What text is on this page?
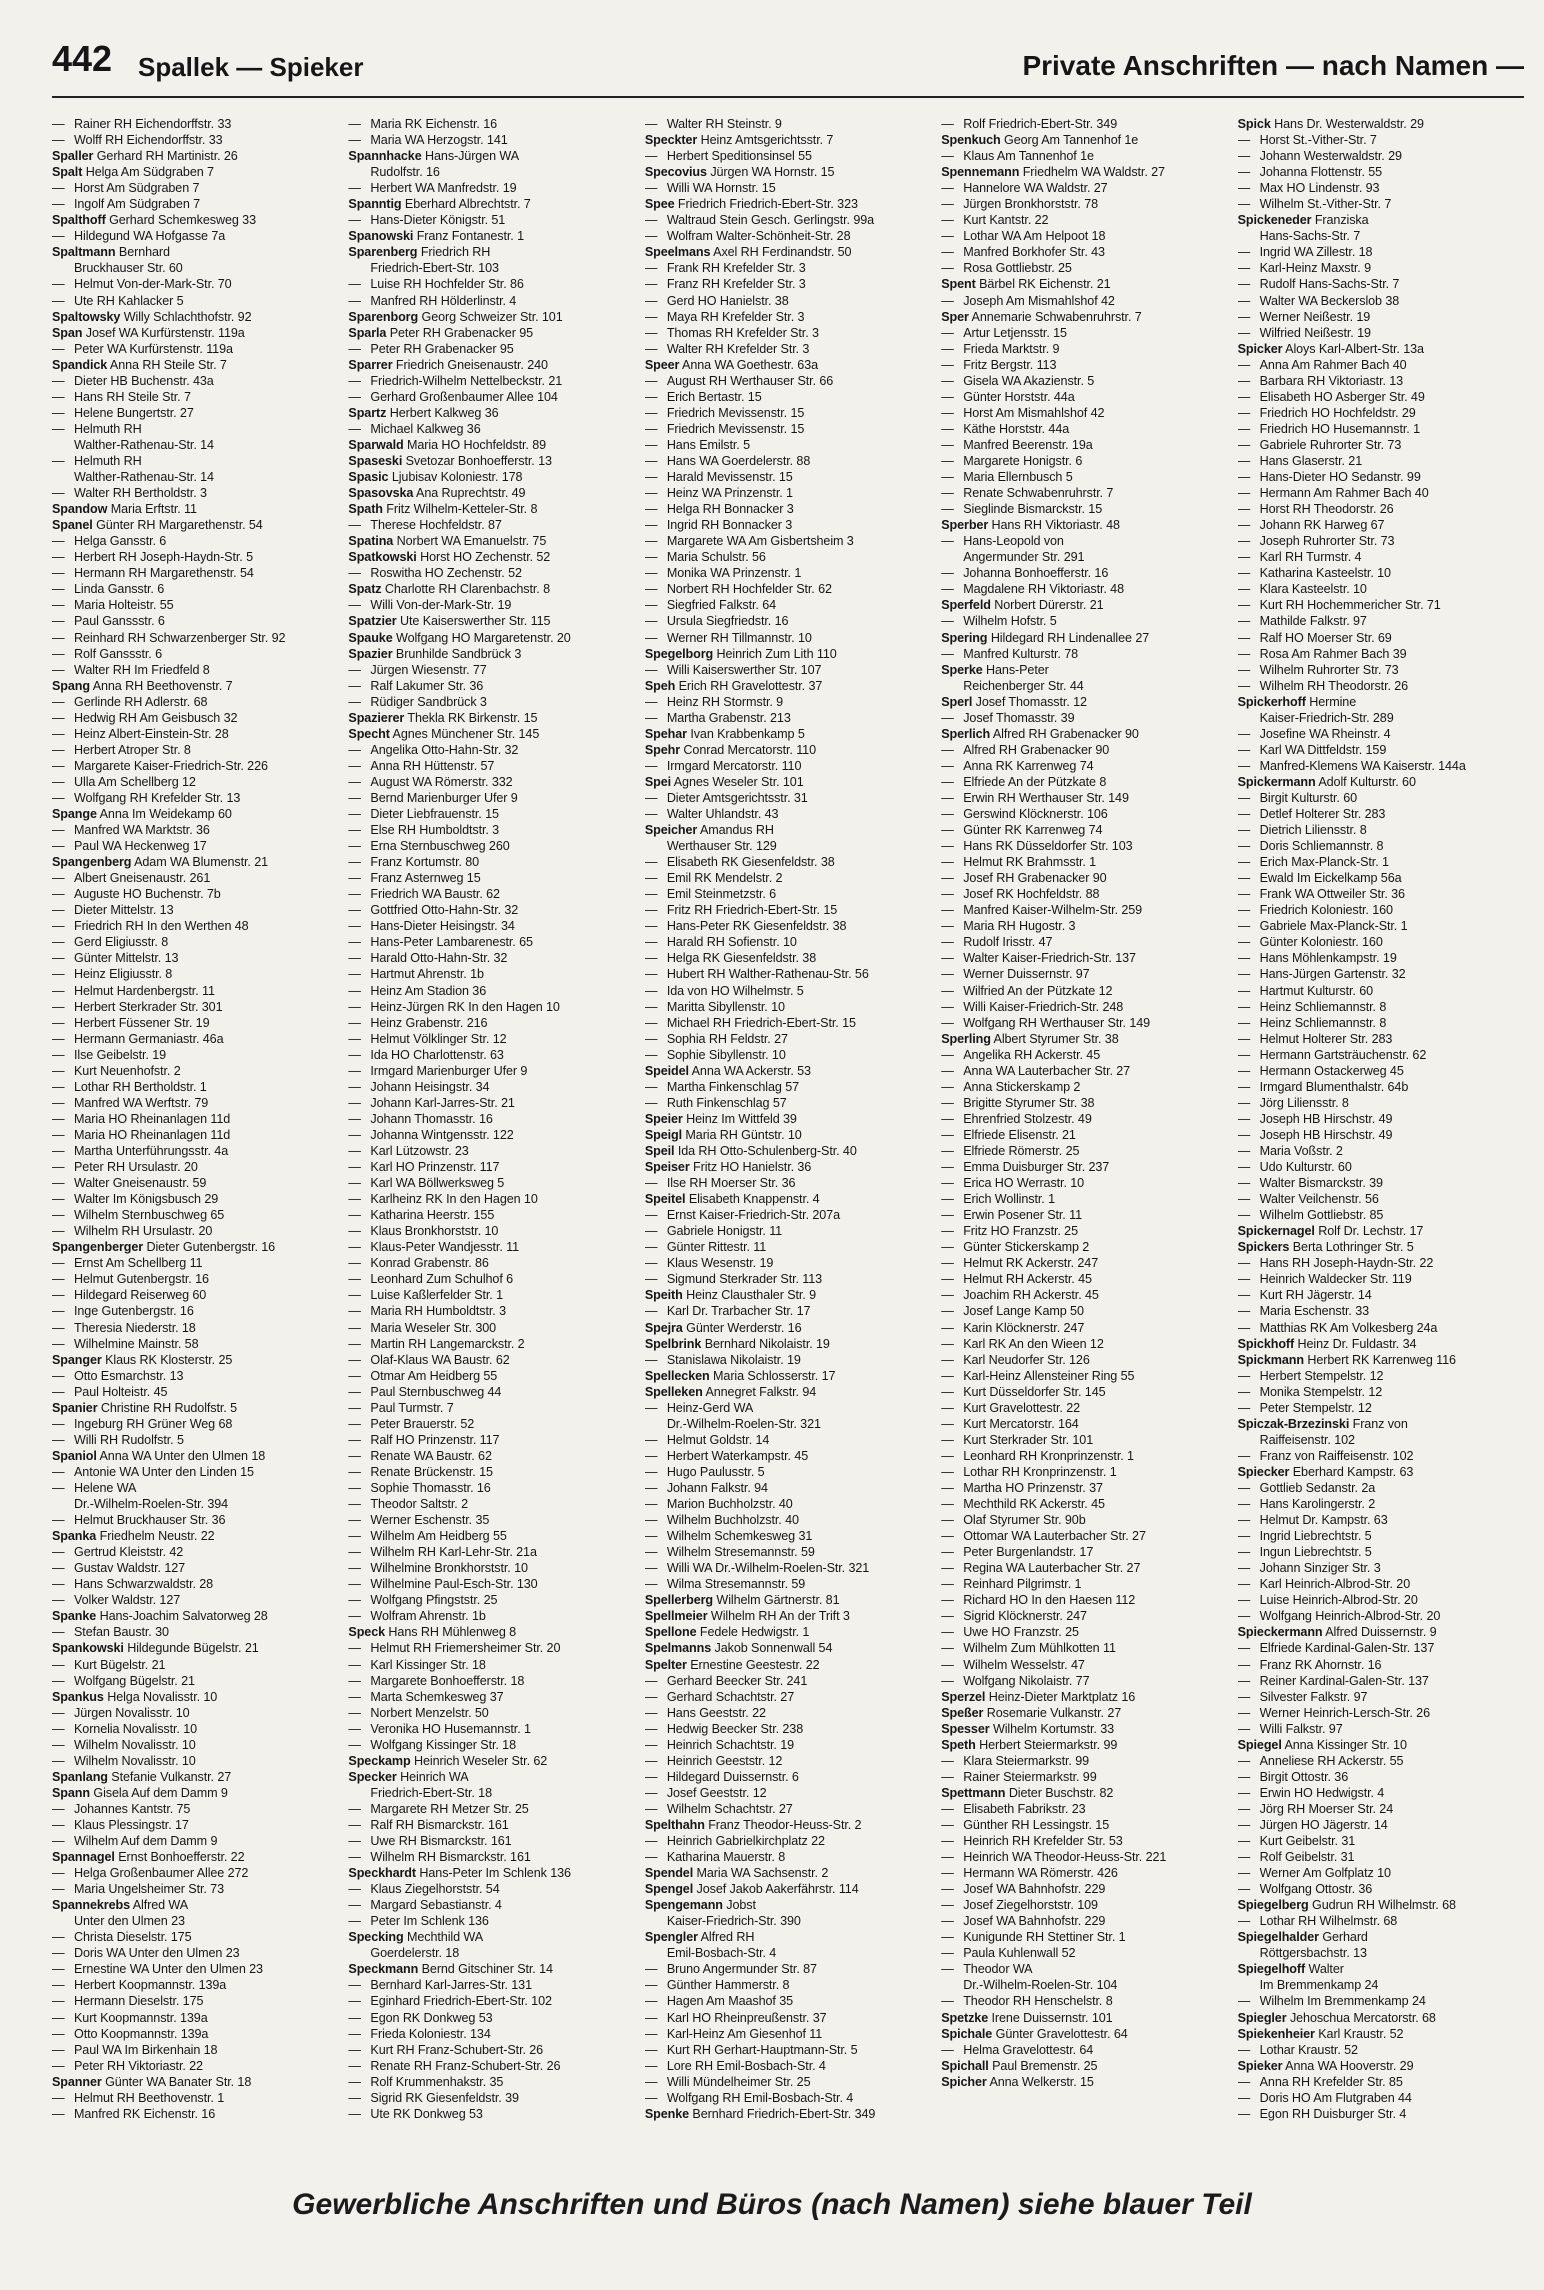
442 Spallek — Spieker	Private Anschriften — nach Namen —
— Rainer RH Eichendorffstr. 33
— Wolff RH Eichendorffstr. 33
Spaller Gerhard RH Martinistr. 26
Spalt Helga Am Südgraben 7
— Horst Am Südgraben 7
— Ingolf Am Südgraben 7
Spalthoff Gerhard Schemkesweg 33
— Hildegund WA Hofgasse 7a
Spaltmann Bernhard
Bruckhauser Str. 60
— Helmut Von-der-Mark-Str. 70
— Ute RH Kahlacker 5
Spaltowsky Willy Schlachthofstr. 92
Span Josef WA Kurfürstenstr. 119a
— Peter WA Kurfürstenstr. 119a
Spandick Anna RH Steile Str. 7
— Dieter HB Buchenstr. 43a
— Hans RH Steile Str. 7
— Helene Bungertstr. 27
— Helmuth RH
Walther-Rathenau-Str. 14
— Helmuth RH
Walther-Rathenau-Str. 14
— Walter RH Bertholdstr. 3
Spandow Maria Erftstr. 11
Spanel Günter RH Margarethenstr. 54
— Helga Gansstr. 6
— Herbert RH Joseph-Haydn-Str. 5
— Hermann RH Margarethenstr. 54
— Linda Gansstr. 6
— Maria Holteistr. 55
— Paul Ganssstr. 6
— Reinhard RH Schwarzenberger Str. 92
— Rolf Ganssstr. 6
— Walter RH Im Friedfeld 8
Spang Anna RH Beethovenstr. 7
— Gerlinde RH Adlerstr. 68
— Hedwig RH Am Geisbusch 32
— Heinz Albert-Einstein-Str. 28
— Herbert Atroper Str. 8
— Margarete Kaiser-Friedrich-Str. 226
— Ulla Am Schellberg 12
— Wolfgang RH Krefelder Str. 13
Spange Anna Im Weidekamp 60
— Manfred WA Marktstr. 36
— Paul WA Heckenweg 17
Spangenberg Adam WA Blumenstr. 21
— Albert Gneisenaustr. 261
— Auguste HO Buchenstr. 7b
— Dieter Mittelstr. 13
— Friedrich RH In den Werthen 48
— Gerd Eligiusstr. 8
— Günter Mittelstr. 13
— Heinz Eligiusstr. 8
— Helmut Hardenbergstr. 11
— Herbert Sterkrader Str. 301
— Herbert Füssener Str. 19
— Hermann Germaniastr. 46a
— Ilse Geibelstr. 19
— Kurt Neuenhofstr. 2
— Lothar RH Bertholdstr. 1
— Manfred WA Werftstr. 79
— Maria HO Rheinanlagen 11d
— Maria HO Rheinanlagen 11d
— Martha Unterführungsstr. 4a
— Peter RH Ursulastr. 20
— Walter Gneisenaustr. 59
— Walter Im Königsbusch 29
— Wilhelm Sternbuschweg 65
— Wilhelm RH Ursulastr. 20
Spangenberger Dieter Gutenbergstr. 16
— Ernst Am Schellberg 11
— Helmut Gutenbergstr. 16
— Hildegard Reiserweg 60
— Inge Gutenbergstr. 16
— Theresia Niederstr. 18
— Wilhelmine Mainstr. 58
Spanger Klaus RK Klosterstr. 25
— Otto Esmarchstr. 13
— Paul Holteistr. 45
Spanier Christine RH Rudolfstr. 5
— Ingeburg RH Grüner Weg 68
— Willi RH Rudolfstr. 5
Spaniol Anna WA Unter den Ulmen 18
— Antonie WA Unter den Linden 15
— Helene WA
Dr.-Wilhelm-Roelen-Str. 394
— Helmut Bruckhauser Str. 36
Spanka Friedhelm Neustr. 22
— Gertrud Kleiststr. 42
— Gustav Waldstr. 127
— Hans Schwarzwaldstr. 28
— Volker Waldstr. 127
Spanke Hans-Joachim Salvatorweg 28
— Stefan Baustr. 30
Spankowski Hildegunde Bügelstr. 21
— Kurt Bügelstr. 21
— Wolfgang Bügelstr. 21
Spankus Helga Novalisstr. 10
— Jürgen Novalisstr. 10
— Kornelia Novalisstr. 10
— Wilhelm Novalisstr. 10
— Wilhelm Novalisstr. 10
Spanlang Stefanie Vulkanstr. 27
Spann Gisela Auf dem Damm 9
— Johannes Kantstr. 75
— Klaus Plessingstr. 17
— Wilhelm Auf dem Damm 9
Spannagel Ernst Bonhoefferstr. 22
— Helga Großenbaumer Allee 272
— Maria Ungelsheimer Str. 73
Spannekrebs Alfred WA
Unter den Ulmen 23
— Christa Dieselstr. 175
— Doris WA Unter den Ulmen 23
— Ernestine WA Unter den Ulmen 23
— Herbert Koopmannstr. 139a
— Hermann Dieselstr. 175
— Kurt Koopmannstr. 139a
— Otto Koopmannstr. 139a
— Paul WA Im Birkenhain 18
— Peter RH Viktoriastr. 22
Spanner Günter WA Banater Str. 18
— Helmut RH Beethovenstr. 1
— Manfred RK Eichenstr. 16
— Maria RK Eichenstr. 16
— Maria WA Herzogstr. 141
Spannhacke Hans-Jürgen WA
Rudolfstr. 16
— Herbert WA Manfredstr. 19
Spanntig Eberhard Albrechtstr. 7
— Hans-Dieter Königstr. 51
Spanowski Franz Fontanestr. 1
Sparenberg Friedrich RH
Friedrich-Ebert-Str. 103
— Luise RH Hochfelder Str. 86
— Manfred RH Hölderlinstr. 4
Sparenborg Georg Schweizer Str. 101
Sparla Peter RH Grabenacker 95
— Peter RH Grabenacker 95
Sparrer Friedrich Gneisenaustr. 240
— Friedrich-Wilhelm Nettelbeckstr. 21
— Gerhard Großenbaumer Allee 104
Spartz Herbert Kalkweg 36
— Michael Kalkweg 36
Sparwald Maria HO Hochfeldstr. 89
Spaseski Svetozar Bonhoefferstr. 13
Spasic Ljubisav Koloniestr. 178
Spasovska Ana Ruprechtstr. 49
Spath Fritz Wilhelm-Ketteler-Str. 8
— Therese Hochfeldstr. 87
Spatina Norbert WA Emanuelstr. 75
Spatkowski Horst HO Zechenstr. 52
— Roswitha HO Zechenstr. 52
Spatz Charlotte RH Clarenbachstr. 8
— Willi Von-der-Mark-Str. 19
Spatzier Ute Kaiserswerther Str. 115
Spauke Wolfgang HO Margaretenstr. 20
Spazier Brunhilde Sandbrück 3
— Jürgen Wiesenstr. 77
— Ralf Lakumer Str. 36
— Rüdiger Sandbrück 3
Spazierer Thekla RK Birkenstr. 15
Specht Agnes Münchener Str. 145
— Angelika Otto-Hahn-Str. 32
— Anna RH Hüttenstr. 57
— August WA Römerstr. 332
— Bernd Marienburger Ufer 9
— Dieter Liebfrauenstr. 15
— Else RH Humboldtstr. 3
— Erna Sternbuschweg 260
— Franz Kortumstr. 80
— Franz Asternweg 15
— Friedrich WA Baustr. 62
— Gottfried Otto-Hahn-Str. 32
— Hans-Dieter Heisingstr. 34
— Hans-Peter Lambarenestr. 65
— Harald Otto-Hahn-Str. 32
— Hartmut Ahrenstr. 1b
— Heinz Am Stadion 36
— Heinz-Jürgen RK In den Hagen 10
— Heinz Grabenstr. 216
— Helmut Völklinger Str. 12
— Ida HO Charlottenstr. 63
— Irmgard Marienburger Ufer 9
— Johann Heisingstr. 34
— Johann Karl-Jarres-Str. 21
— Johann Thomasstr. 16
— Johanna Wintgensstr. 122
— Karl Lützowstr. 23
— Karl HO Prinzenstr. 117
— Karl WA Böllwerksweg 5
— Karlheinz RK In den Hagen 10
— Katharina Heerstr. 155
— Klaus Bronkhorststr. 10
— Klaus-Peter Wandjesstr. 11
— Konrad Grabenstr. 86
— Leonhard Zum Schulhof 6
— Luise Kaßlerfelder Str. 1
— Maria RH Humboldtstr. 3
— Maria Weseler Str. 300
— Martin RH Langemarckstr. 2
— Olaf-Klaus WA Baustr. 62
— Otmar Am Heidberg 55
— Paul Sternbuschweg 44
— Paul Turmstr. 7
— Peter Brauerstr. 52
— Ralf HO Prinzenstr. 117
— Renate WA Baustr. 62
— Renate Brückenstr. 15
— Sophie Thomasstr. 16
— Theodor Saltstr. 2
— Werner Eschenstr. 35
— Wilhelm Am Heidberg 55
— Wilhelm RH Karl-Lehr-Str. 21a
— Wilhelmine Bronkhorststr. 10
— Wilhelmine Paul-Esch-Str. 130
— Wolfgang Pfingststr. 25
— Wolfram Ahrenstr. 1b
Speck Hans RH Mühlenweg 8
— Helmut RH Friemersheimer Str. 20
— Karl Kissinger Str. 18
— Margarete Bonhoefferstr. 18
— Marta Schemkesweg 37
— Norbert Menzelstr. 50
— Veronika HO Husemannstr. 1
— Wolfgang Kissinger Str. 18
Speckamp Heinrich Weseler Str. 62
Specker Heinrich WA
Friedrich-Ebert-Str. 18
— Margarete RH Metzer Str. 25
— Ralf RH Bismarckstr. 161
— Uwe RH Bismarckstr. 161
— Wilhelm RH Bismarckstr. 161
Speckhardt Hans-Peter Im Schlenk 136
— Klaus Ziegelhorststr. 54
— Margard Sebastianstr. 4
— Peter Im Schlenk 136
Specking Mechthild WA
Goerdelerstr. 18
Speckmann Bernd Gitschiner Str. 14
— Bernhard Karl-Jarres-Str. 131
— Eginhard Friedrich-Ebert-Str. 102
— Egon RK Donkweg 53
— Frieda Koloniestr. 134
— Kurt RH Franz-Schubert-Str. 26
— Renate RH Franz-Schubert-Str. 26
— Rolf Krummenhakstr. 35
— Sigrid RK Giesenfeldstr. 39
— Ute RK Donkweg 53
— Walter RH Steinstr. 9
Speckter Heinz Amtsgerichtsstr. 7
— Herbert Speditionsinsel 55
Specovius Jürgen WA Hornstr. 15
— Willi WA Hornstr. 15
Spee Friedrich Friedrich-Ebert-Str. 323
— Waltraud Stein Gesch. Gerlingstr. 99a
— Wolfram Walter-Schönheit-Str. 28
Speelmans Axel RH Ferdinandstr. 50
— Frank RH Krefelder Str. 3
— Franz RH Krefelder Str. 3
— Gerd HO Hanielstr. 38
— Maya RH Krefelder Str. 3
— Thomas RH Krefelder Str. 3
— Walter RH Krefelder Str. 3
Speer Anna WA Goethestr. 63a
— August RH Werthauser Str. 66
— Erich Bertastr. 15
— Friedrich Mevissenstr. 15
— Friedrich Mevissenstr. 15
— Hans Emilstr. 5
— Hans WA Goerdelerstr. 88
— Harald Mevissenstr. 15
— Heinz WA Prinzenstr. 1
— Helga RH Bonnacker 3
— Ingrid RH Bonnacker 3
— Margarete WA Am Gisbertsheim 3
— Maria Schulstr. 56
— Monika WA Prinzenstr. 1
— Norbert RH Hochfelder Str. 62
— Siegfried Falkstr. 64
— Ursula Siegfriedstr. 16
— Werner RH Tillmannstr. 10
Spegelborg Heinrich Zum Lith 110
— Willi Kaiserswerther Str. 107
Speh Erich RH Gravelottestr. 37
— Heinz RH Stormstr. 9
— Martha Grabenstr. 213
Spehar Ivan Krabbenkamp 5
Spehr Conrad Mercatorstr. 110
— Irmgard Mercatorstr. 110
Spei Agnes Weseler Str. 101
— Dieter Amtsgerichtsstr. 31
— Walter Uhlandstr. 43
Speicher Amandus RH
Werthauser Str. 129
— Elisabeth RK Giesenfeldstr. 38
— Emil RK Mendelstr. 2
— Emil Steinmetzstr. 6
— Fritz RH Friedrich-Ebert-Str. 15
— Hans-Peter RK Giesenfeldstr. 38
— Harald RH Sofienstr. 10
— Helga RK Giesenfeldstr. 38
— Hubert RH Walther-Rathenau-Str. 56
— Ida von HO Wilhelmstr. 5
— Maritta Sibyllenstr. 10
— Michael RH Friedrich-Ebert-Str. 15
— Sophia RH Feldstr. 27
— Sophie Sibyllenstr. 10
Speidel Anna WA Ackerstr. 53
— Martha Finkenschlag 57
— Ruth Finkenschlag 57
Speier Heinz Im Wittfeld 39
Speigl Maria RH Güntstr. 10
Speil Ida RH Otto-Schulenberg-Str. 40
Speiser Fritz HO Hanielstr. 36
— Ilse RH Moerser Str. 36
Speitel Elisabeth Knappenstr. 4
— Ernst Kaiser-Friedrich-Str. 207a
— Gabriele Honigstr. 11
— Günter Rittestr. 11
— Klaus Wesenstr. 19
— Sigmund Sterkrader Str. 113
Speith Heinz Clausthaler Str. 9
— Karl Dr. Trarbacher Str. 17
Spejra Günter Werderstr. 16
Spelbrink Bernhard Nikolaistr. 19
— Stanislawa Nikolaistr. 19
Spellecken Maria Schlosserstr. 17
Spelleken Annegret Falkstr. 94
— Heinz-Gerd WA
Dr.-Wilhelm-Roelen-Str. 321
— Helmut Goldstr. 14
— Herbert Waterkampstr. 45
— Hugo Paulusstr. 5
— Johann Falkstr. 94
— Marion Buchholzstr. 40
— Wilhelm Buchholzstr. 40
— Wilhelm Schemkesweg 31
— Wilhelm Stresemannstr. 59
— Willi WA Dr.-Wilhelm-Roelen-Str. 321
— Wilma Stresemannstr. 59
Spellerberg Wilhelm Gärtnerstr. 81
Spellmeier Wilhelm RH An der Trift 3
Spellone Fedele Hedwigstr. 1
Spelmanns Jakob Sonnenwall 54
Spelter Ernestine Geestestr. 22
— Gerhard Beecker Str. 241
— Gerhard Schachtstr. 27
— Hans Geeststr. 22
— Hedwig Beecker Str. 238
— Heinrich Schachtstr. 19
— Heinrich Geeststr. 12
— Hildegard Duissernstr. 6
— Josef Geeststr. 12
— Wilhelm Schachtstr. 27
Spelthahn Franz Theodor-Heuss-Str. 2
— Heinrich Gabrielkirchplatz 22
— Katharina Mauerstr. 8
Spendel Maria WA Sachsenstr. 2
Spengel Josef Jakob Aakerfährstr. 114
Spengemann Jobst
Kaiser-Friedrich-Str. 390
Spengler Alfred RH
Emil-Bosbach-Str. 4
— Bruno Angermunder Str. 87
— Günther Hammerstr. 8
— Hagen Am Maashof 35
— Karl HO Rheinpreußenstr. 37
— Karl-Heinz Am Giesenhof 11
— Kurt RH Gerhart-Hauptmann-Str. 5
— Lore RH Emil-Bosbach-Str. 4
— Willi Mündelheimer Str. 25
— Wolfgang RH Emil-Bosbach-Str. 4
Spenke Bernhard Friedrich-Ebert-Str. 349
— Rolf Friedrich-Ebert-Str. 349
Spenkuch Georg Am Tannenhof 1e
— Klaus Am Tannenhof 1e
Spennemann Friedhelm WA Waldstr. 27
— Hannelore WA Waldstr. 27
— Jürgen Bronkhorststr. 78
— Kurt Kantstr. 22
— Lothar WA Am Helpoot 18
— Manfred Borkhofer Str. 43
— Rosa Gottliebstr. 25
Spent Bärbel RK Eichenstr. 21
— Joseph Am Mismahlshof 42
Sper Annemarie Schwabenruhrstr. 7
— Artur Letjensstr. 15
— Frieda Marktstr. 9
— Fritz Bergstr. 113
— Gisela WA Akazienstr. 5
— Günter Horststr. 44a
— Horst Am Mismahlshof 42
— Käthe Horststr. 44a
— Manfred Beerenstr. 19a
— Margarete Honigstr. 6
— Maria Ellernbusch 5
— Renate Schwabenruhrstr. 7
— Sieglinde Bismarckstr. 15
Sperber Hans RH Viktoriastr. 48
— Hans-Leopold von
Angermunder Str. 291
— Johanna Bonhoefferstr. 16
— Magdalene RH Viktoriastr. 48
Sperfeld Norbert Dürerstr. 21
— Wilhelm Hofstr. 5
Spering Hildegard RH Lindenallee 27
— Manfred Kulturstr. 78
Sperke Hans-Peter
Reichenberger Str. 44
Sperl Josef Thomasstr. 12
— Josef Thomasstr. 39
Sperlich Alfred RH Grabenacker 90
— Alfred RH Grabenacker 90
— Anna RK Karrenweg 74
— Elfriede An der Pützkate 8
— Erwin RH Werthauser Str. 149
— Gerswind Klöcknerstr. 106
— Günter RK Karrenweg 74
— Hans RK Düsseldorfer Str. 103
— Helmut RK Brahmsstr. 1
— Josef RH Grabenacker 90
— Josef RK Hochfeldstr. 88
— Manfred Kaiser-Wilhelm-Str. 259
— Maria RH Hugostr. 3
— Rudolf Irisstr. 47
— Walter Kaiser-Friedrich-Str. 137
— Werner Duissernstr. 97
— Wilfried An der Pützkate 12
— Willi Kaiser-Friedrich-Str. 248
— Wolfgang RH Werthauser Str. 149
Sperling Albert Styrumer Str. 38
— Angelika RH Ackerstr. 45
— Anna WA Lauterbacher Str. 27
— Anna Stickerskamp 2
— Brigitte Styrumer Str. 38
— Ehrenfried Stolzestr. 49
— Elfriede Elisenstr. 21
— Elfriede Römerstr. 25
— Emma Duisburger Str. 237
— Erica HO Werrastr. 10
— Erich Wollinstr. 1
— Erwin Posener Str. 11
— Fritz HO Franzstr. 25
— Günter Stickerskamp 2
— Helmut RK Ackerstr. 247
— Helmut RH Ackerstr. 45
— Joachim RH Ackerstr. 45
— Josef Lange Kamp 50
— Karin Klöcknerstr. 247
— Karl RK An den Wieen 12
— Karl Neudorfer Str. 126
— Karl-Heinz Allensteiner Ring 55
— Kurt Düsseldorfer Str. 145
— Kurt Gravelottestr. 22
— Kurt Mercatorstr. 164
— Kurt Sterkrader Str. 101
— Leonhard RH Kronprinzenstr. 1
— Lothar RH Kronprinzenstr. 1
— Martha HO Prinzenstr. 37
— Mechthild RK Ackerstr. 45
— Olaf Styrumer Str. 90b
— Ottomar WA Lauterbacher Str. 27
— Peter Burgenlandstr. 17
— Regina WA Lauterbacher Str. 27
— Reinhard Pilgrimstr. 1
— Richard HO In den Haesen 112
— Sigrid Klöcknerstr. 247
— Uwe HO Franzstr. 25
— Wilhelm Zum Mühlkotten 11
— Wilhelm Wesselstr. 47
— Wolfgang Nikolaistr. 77
Sperzel Heinz-Dieter Marktplatz 16
Speßer Rosemarie Vulkanstr. 27
Spesser Wilhelm Kortumstr. 33
Speth Herbert Steiermarkstr. 99
— Klara Steiermarkstr. 99
— Rainer Steiermarkstr. 99
Spettmann Dieter Buschstr. 82
— Elisabeth Fabrikstr. 23
— Günther RH Lessingstr. 15
— Heinrich RH Krefelder Str. 53
— Heinrich WA Theodor-Heuss-Str. 221
— Hermann WA Römerstr. 426
— Josef WA Bahnhofstr. 229
— Josef Ziegelhorststr. 109
— Josef WA Bahnhofstr. 229
— Kunigunde RH Stettiner Str. 1
— Paula Kuhlenwall 52
— Theodor WA
Dr.-Wilhelm-Roelen-Str. 104
— Theodor RH Henschelstr. 8
Spetzke Irene Duissernstr. 101
Spichale Günter Gravelottestr. 64
— Helma Gravelottestr. 64
Spichall Paul Bremenstr. 25
Spicher Anna Welkerstr. 15
Spick Hans Dr. Westerwaldstr. 29
— Horst St.-Vither-Str. 7
— Johann Westerwaldstr. 29
— Johanna Flottenstr. 55
— Max HO Lindenstr. 93
— Wilhelm St.-Vither-Str. 7
Spickeneder Franziska
Hans-Sachs-Str. 7
— Ingrid WA Zillestr. 18
— Karl-Heinz Maxstr. 9
— Rudolf Hans-Sachs-Str. 7
— Walter WA Beckerslob 38
— Werner Neißestr. 19
— Wilfried Neißestr. 19
Spicker Aloys Karl-Albert-Str. 13a
— Anna Am Rahmer Bach 40
— Barbara RH Viktoriastr. 13
— Elisabeth HO Asberger Str. 49
— Friedrich HO Hochfeldstr. 29
— Friedrich HO Husemannstr. 1
— Gabriele Ruhrorter Str. 73
— Hans Glaserstr. 21
— Hans-Dieter HO Sedanstr. 99
— Hermann Am Rahmer Bach 40
— Horst RH Theodorstr. 26
— Johann RK Harweg 67
— Joseph Ruhrorter Str. 73
— Karl RH Turmstr. 4
— Katharina Kasteelstr. 10
— Klara Kasteelstr. 10
— Kurt RH Hochemmericher Str. 71
— Mathilde Falkstr. 97
— Ralf HO Moerser Str. 69
— Rosa Am Rahmer Bach 39
— Wilhelm Ruhrorter Str. 73
— Wilhelm RH Theodorstr. 26
Spickerhoff Hermine
Kaiser-Friedrich-Str. 289
— Josefine WA Rheinstr. 4
— Karl WA Dittfeldstr. 159
— Manfred-Klemens WA Kaiserstr. 144a
Spickermann Adolf Kulturstr. 60
— Birgit Kulturstr. 60
— Detlef Holterer Str. 283
— Dietrich Liliensstr. 8
— Doris Schliemannstr. 8
— Erich Max-Planck-Str. 1
— Ewald Im Eickelkamp 56a
— Frank WA Ottweiler Str. 36
— Friedrich Koloniestr. 160
— Gabriele Max-Planck-Str. 1
— Günter Koloniestr. 160
— Hans Möhlenkampstr. 19
— Hans-Jürgen Gartenstr. 32
— Hartmut Kulturstr. 60
— Heinz Schliemannstr. 8
— Heinz Schliemannstr. 8
— Helmut Holterer Str. 283
— Hermann Gartsträuchenstr. 62
— Hermann Ostackerweg 45
— Irmgard Blumenthalstr. 64b
— Jörg Liliensstr. 8
— Joseph HB Hirschstr. 49
— Joseph HB Hirschstr. 49
— Maria Voßstr. 2
— Udo Kulturstr. 60
— Walter Bismarckstr. 39
— Walter Veilchenstr. 56
— Wilhelm Gottliebstr. 85
Spickernagel Rolf Dr. Lechstr. 17
Spickers Berta Lothringer Str. 5
— Hans RH Joseph-Haydn-Str. 22
— Heinrich Waldecker Str. 119
— Kurt RH Jägerstr. 14
— Maria Eschenstr. 33
— Matthias RK Am Volkesberg 24a
Spickhoff Heinz Dr. Fuldastr. 34
Spickmann Herbert RK Karrenweg 116
— Herbert Stempelstr. 12
— Monika Stempelstr. 12
— Peter Stempelstr. 12
Spiczak-Brzezinski Franz von
Raiffeisenstr. 102
— Franz von Raiffeisenstr. 102
Spiecker Eberhard Kampstr. 63
— Gottlieb Sedanstr. 2a
— Hans Karolingerstr. 2
— Helmut Dr. Kampstr. 63
— Ingrid Liebrechtstr. 5
— Ingun Liebrechtstr. 5
— Johann Sinziger Str. 3
— Karl Heinrich-Albrod-Str. 20
— Luise Heinrich-Albrod-Str. 20
— Wolfgang Heinrich-Albrod-Str. 20
Spieckermann Alfred Duissernstr. 9
— Elfriede Kardinal-Galen-Str. 137
— Franz RK Ahornstr. 16
— Reiner Kardinal-Galen-Str. 137
— Silvester Falkstr. 97
— Werner Heinrich-Lersch-Str. 26
— Willi Falkstr. 97
Spiegel Anna Kissinger Str. 10
— Anneliese RH Ackerstr. 55
— Birgit Ottostr. 36
— Erwin HO Hedwigstr. 4
— Jörg RH Moerser Str. 24
— Jürgen HO Jägerstr. 14
— Kurt Geibelstr. 31
— Rolf Geibelstr. 31
— Werner Am Golfplatz 10
— Wolfgang Ottostr. 36
Spiegelberg Gudrun RH Wilhelmstr. 68
— Lothar RH Wilhelmstr. 68
Spiegelhalder Gerhard
Röttgersbachstr. 13
Spiegelhoff Walter
Im Bremmenkamp 24
— Wilhelm Im Bremmenkamp 24
Spiegler Jehoschua Mercatorstr. 68
Spiekenheier Karl Kraustr. 52
— Lothar Kraustr. 52
Spieker Anna WA Hooverstr. 29
— Anna RH Krefelder Str. 85
— Doris HO Am Flutgraben 44
— Egon RH Duisburger Str. 4
Gewerbliche Anschriften und Büros (nach Namen) siehe blauer Teil
